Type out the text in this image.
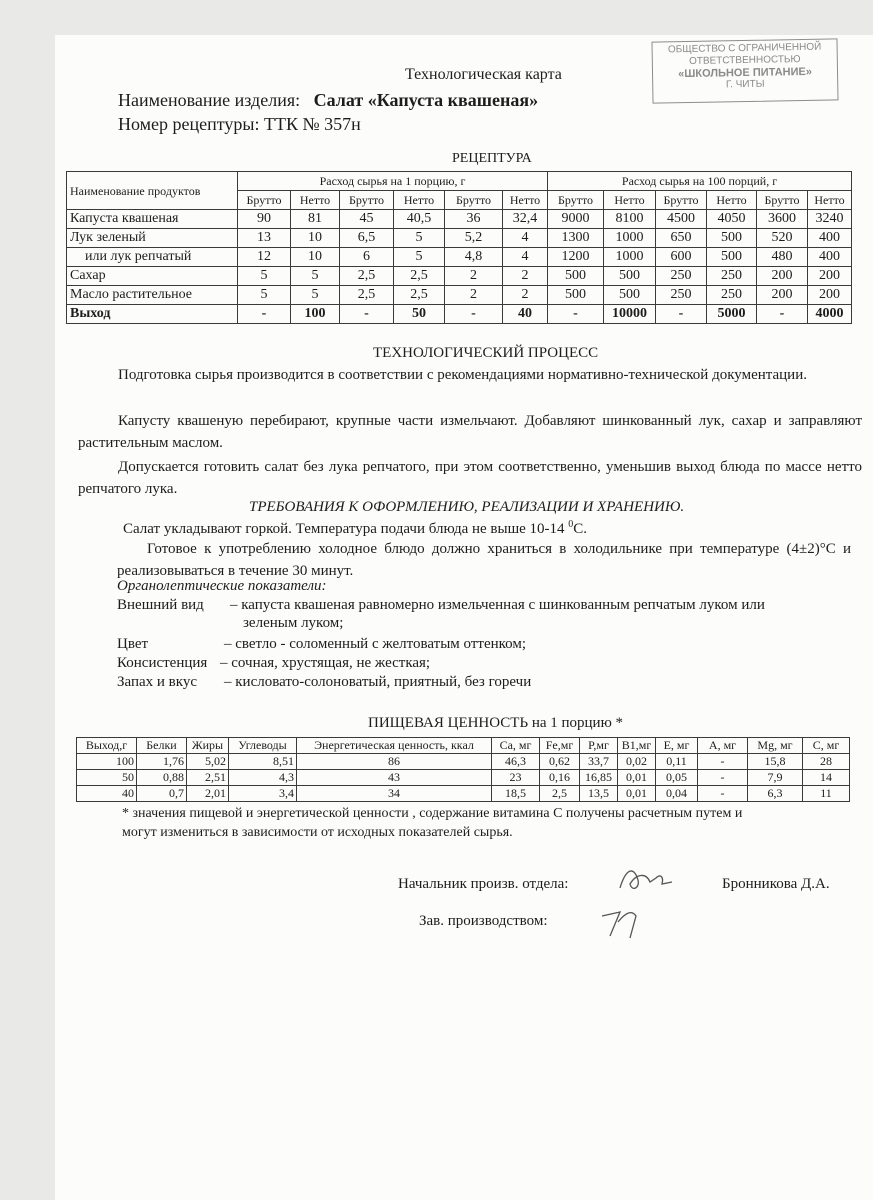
ОБЩЕСТВО С ОГРАНИЧЕННОЙ
ОТВЕТСТВЕННОСТЬЮ
«ШКОЛЬНОЕ ПИТАНИЕ»
Г. ЧИТЫ
Технологическая карта
Наименование изделия: Салат «Капуста квашеная»
Номер рецептуры: ТТК № 357н
РЕЦЕПТУРА
Наименование продуктов	Расход сырья на 1 порцию, г						Расход сырья на 100 порций, г					
	Брутто	Нетто	Брутто	Нетто	Брутто	Нетто	Брутто	Нетто	Брутто	Нетто	Брутто	Нетто
Капуста квашеная	90	81	45	40,5	36	32,4	9000	8100	4500	4050	3600	3240
Лук зеленый	13	10	6,5	5	5,2	4	1300	1000	650	500	520	400
или лук репчатый	12	10	6	5	4,8	4	1200	1000	600	500	480	400
Сахар	5	5	2,5	2,5	2	2	500	500	250	250	200	200
Масло растительное	5	5	2,5	2,5	2	2	500	500	250	250	200	200
Выход	-	100	-	50	-	40	-	10000	-	5000	-	4000
ТЕХНОЛОГИЧЕСКИЙ ПРОЦЕСС
Подготовка сырья производится в соответствии с рекомендациями нормативно-технической документации.
Капусту квашеную перебирают, крупные части измельчают. Добавляют шинкованный лук, сахар и заправляют растительным маслом.
Допускается готовить салат без лука репчатого, при этом соответственно, уменьшив выход блюда по массе нетто репчатого лука.
ТРЕБОВАНИЯ К ОФОРМЛЕНИЮ, РЕАЛИЗАЦИИ И ХРАНЕНИЮ.
Салат укладывают горкой. Температура подачи блюда не выше 10-14 $^0$С.
Готовое к употреблению холодное блюдо должно храниться в холодильнике при температуре (4±2)°С и реализовываться в течение 30 минут.
Органолептические показатели:
Внешний вид – капуста квашеная равномерно измельченная с шинкованным репчатым луком или
зеленым луком;
Цвет	– светло - соломенный с желтоватым оттенком;
Консистенция – сочная, хрустящая, не жесткая;
Запах и вкус – кисловато-солоноватый, приятный, без горечи
ПИЩЕВАЯ ЦЕННОСТЬ на 1 порцию *
Выход,г	Белки	Жиры	Углеводы	Энергетическая ценность, ккал	Ca, мг	Fe,мг	P,мг	B1,мг	E, мг	A, мг	Mg, мг	C, мг
100	1,76	5,02	8,51	86	46,3	0,62	33,7	0,02	0,11	-	15,8	28
50	0,88	2,51	4,3	43	23	0,16	16,85	0,01	0,05	-	7,9	14
40	0,7	2,01	3,4	34	18,5	2,5	13,5	0,01	0,04	-	6,3	11
* значения пищевой и энергетической ценности , содержание витамина С получены расчетным путем и
могут измениться в зависимости от исходных показателей сырья.
Начальник произв. отдела:	Бронникова Д.А.
Зав. производством:
